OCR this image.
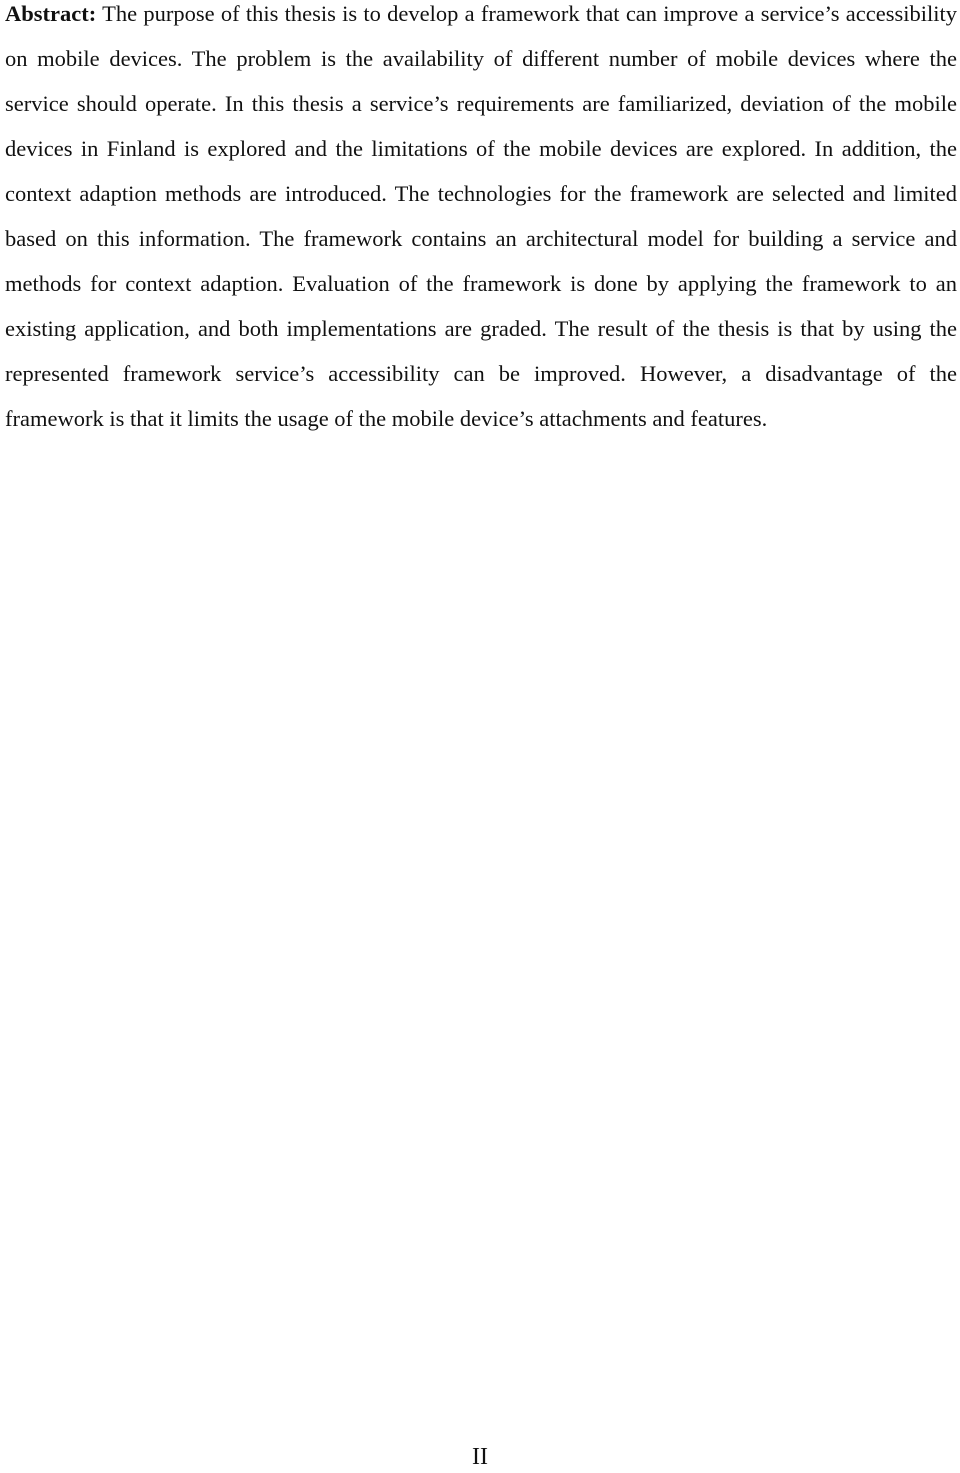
Abstract: The purpose of this thesis is to develop a framework that can improve a service’s accessibility on mobile devices. The problem is the availability of different number of mobile devices where the service should operate. In this thesis a service’s requirements are familiarized, deviation of the mobile devices in Finland is explored and the limitations of the mobile devices are explored. In addition, the context adaption methods are introduced. The technologies for the framework are selected and limited based on this information. The framework contains an architectural model for building a service and methods for context adaption. Evaluation of the framework is done by applying the framework to an existing application, and both implementations are graded. The result of the thesis is that by using the represented framework service’s accessibility can be improved. However, a disadvantage of the framework is that it limits the usage of the mobile device’s attachments and features.

II
